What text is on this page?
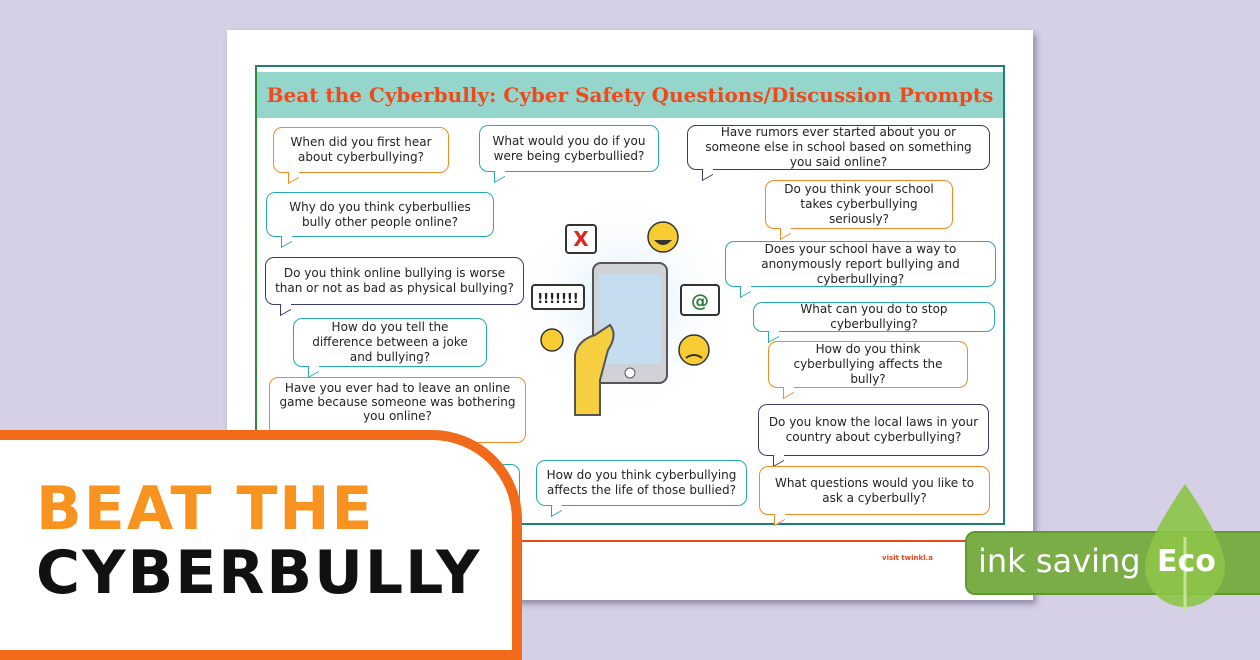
Beat the Cyberbully: Cyber Safety Questions/Discussion Prompts
visit twinkl.a
When did you first hear about cyberbullying?
What would you do if you were being cyberbullied?
Have rumors ever started about you or someone else in school based on something you said online?
Why do you think cyberbullies bully other people online?
Do you think your school takes cyberbullying seriously?
Do you think online bullying is worse than or not as bad as physical bullying?
Does your school have a way to anonymously report bullying and cyberbullying?
How do you tell the difference between a joke and bullying?
What can you do to stop cyberbullying?
How do you think cyberbullying affects the bully?
Have you ever had to leave an online game because someone was bothering you online?	Do you know the local laws in your country about cyberbullying?
How do you think cyberbullying affects the life of those bullied?
What questions would you like to ask a cyberbully?
X
!!!!!!!	@
BEAT THE
CYBERBULLY	ink saving Eco
